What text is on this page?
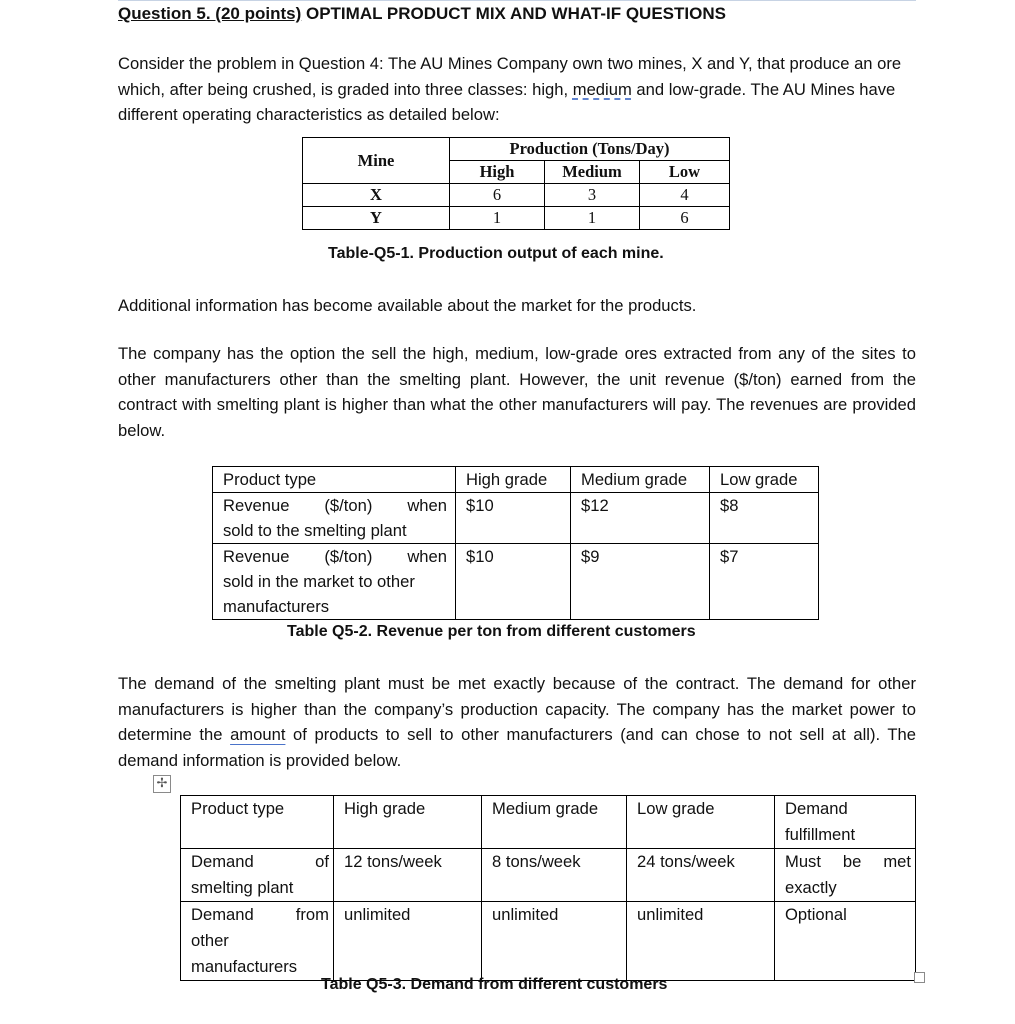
Question 5. (20 points) OPTIMAL PRODUCT MIX AND WHAT-IF QUESTIONS
Consider the problem in Question 4: The AU Mines Company own two mines, X and Y, that produce an ore which, after being crushed, is graded into three classes: high, medium and low-grade. The AU Mines have different operating characteristics as detailed below:
Mine	Production (Tons/Day)		
	High	Medium	Low
X	6	3	4
Y	1	1	6
Table-Q5-1. Production output of each mine.
Additional information has become available about the market for the products.
The company has the option the sell the high, medium, low-grade ores extracted from any of the sites to other manufacturers other than the smelting plant. However, the unit revenue ($/ton) earned from the contract with smelting plant is higher than what the other manufacturers will pay. The revenues are provided below.
Product type	High grade	Medium grade	Low grade

Revenue ($/ton) when
sold to the smelting plant	$10	$12	$8

Revenue ($/ton) when
sold in the market to other
manufacturers	$10	$9	$7
Table Q5-2. Revenue per ton from different customers
The demand of the smelting plant must be met exactly because of the contract. The demand for other manufacturers is higher than the company’s production capacity. The company has the market power to determine the amount of products to sell to other manufacturers (and can chose to not sell at all). The demand information is provided below.
✢
Product type	High grade	Medium grade	Low grade	Demand fulfillment

Demand of
smelting plant	12 tons/week	8 tons/week	24 tons/week	Must be met
exactly

Demand from
other
manufacturers	unlimited	unlimited	unlimited	Optional
Table Q5-3. Demand from different customers
